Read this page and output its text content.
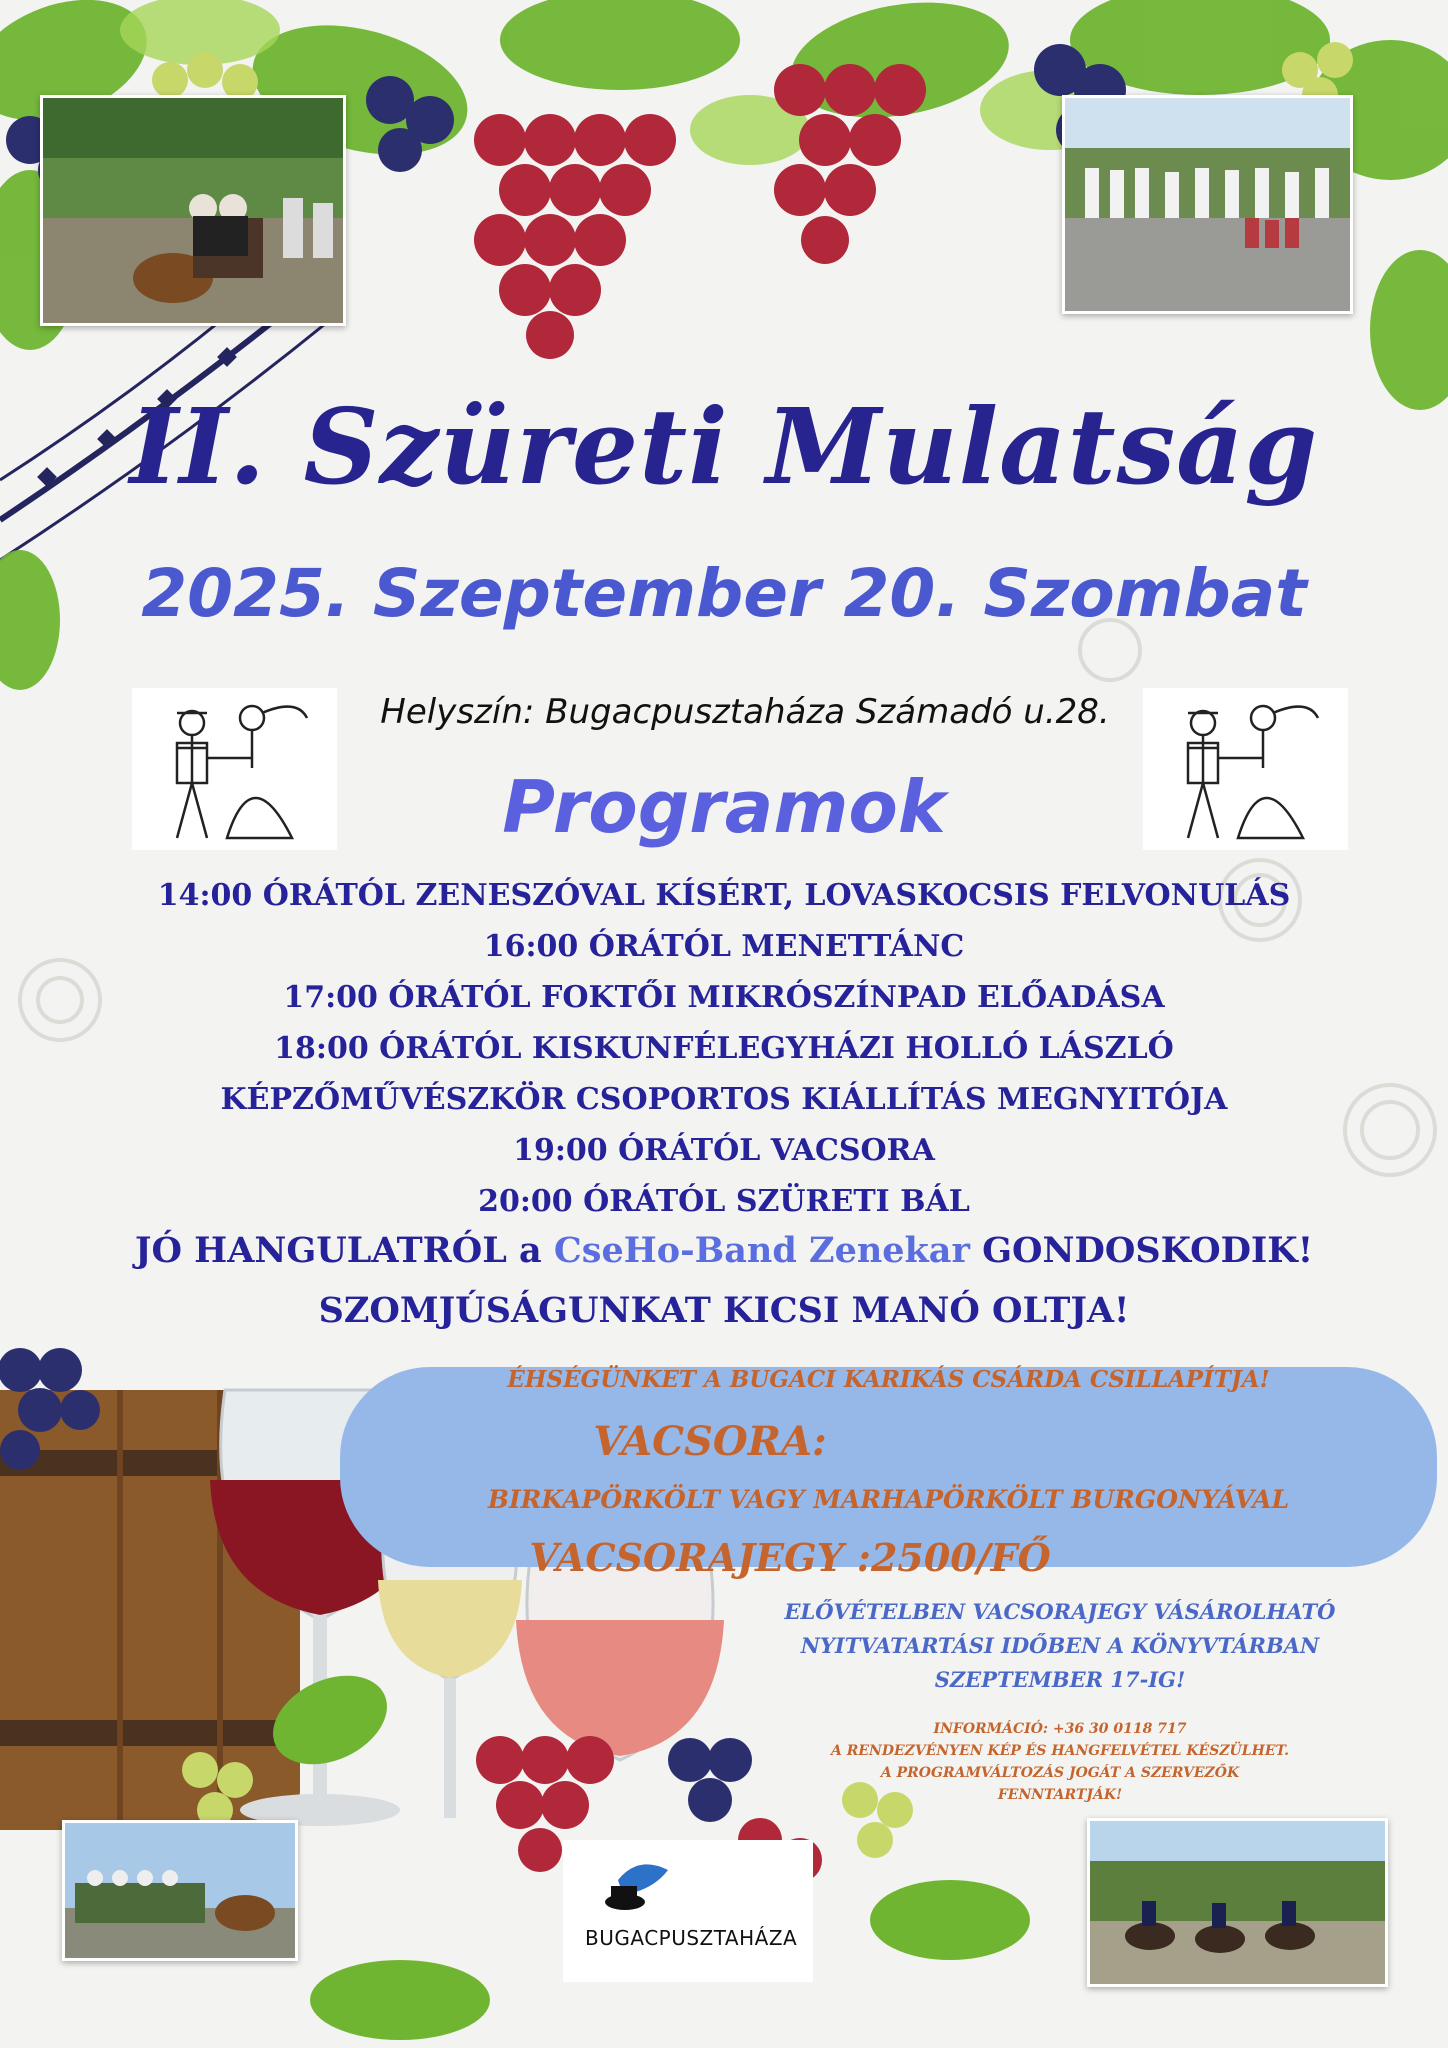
II. Szüreti Mulatság
2025. Szeptember 20. Szombat
Helyszín: Bugacpusztaháza Számadó u.28.
Programok
14:00 ÓRÁTÓL ZENESZÓVAL KÍSÉRT, LOVASKOCSIS FELVONULÁS
16:00 ÓRÁTÓL MENETTÁNC
17:00 ÓRÁTÓL FOKTŐI MIKRÓSZÍNPAD ELŐADÁSA
18:00 ÓRÁTÓL KISKUNFÉLEGYHÁZI HOLLÓ LÁSZLÓ
KÉPZŐMŰVÉSZKÖR CSOPORTOS KIÁLLÍTÁS MEGNYITÓJA
19:00 ÓRÁTÓL VACSORA
20:00 ÓRÁTÓL SZÜRETI BÁL
JÓ HANGULATRÓL a CseHo-Band Zenekar GONDOSKODIK!
SZOMJÚSÁGUNKAT KICSI MANÓ OLTJA!
ÉHSÉGÜNKET A BUGACI KARIKÁS CSÁRDA CSILLAPÍTJA!
VACSORA:
BIRKAPÖRKÖLT VAGY MARHAPÖRKÖLT BURGONYÁVAL
VACSORAJEGY :2500/FŐ
ELŐVÉTELBEN VACSORAJEGY VÁSÁROLHATÓ
NYITVATARTÁSI IDŐBEN A KÖNYVTÁRBAN
SZEPTEMBER 17-IG!
INFORMÁCIÓ: +36 30 0118 717
A RENDEZVÉNYEN KÉP ÉS HANGFELVÉTEL KÉSZÜLHET.
A PROGRAMVÁLTOZÁS JOGÁT A SZERVEZŐK
FENNTARTJÁK!
BUGACPUSZTAHÁZA
